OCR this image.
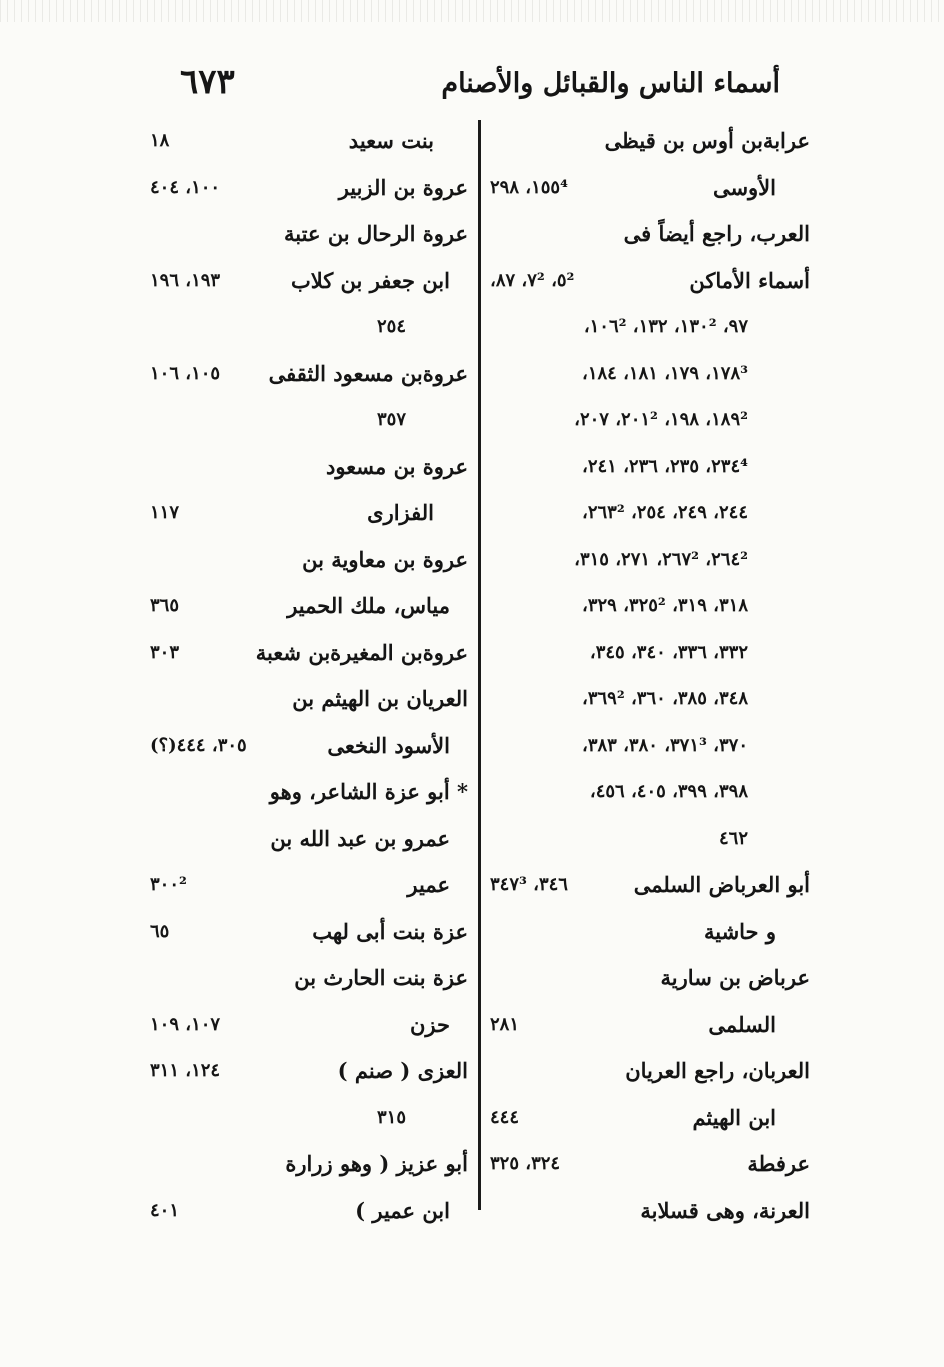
٦٧٣	أسماء الناس والقبائل والأصنام
عرابةبن أوس بن قيظى
الأوسى
١٥٥⁴، ٢٩٨
العرب، راجع أيضاً فى
أسماء الأماكن
٥²، ٧²، ٨٧،
٩٧، ١٣٠²، ١٣٢، ١٠٦²،
١٧٨³، ١٧٩، ١٨١، ١٨٤،
١٨٩²، ١٩٨، ٢٠١²، ٢٠٧،
٢٣٤⁴، ٢٣٥، ٢٣٦، ٢٤١،
٢٤٤، ٢٤٩، ٢٥٤، ٢٦٣²،
٢٦٤²، ٢٦٧²، ٢٧١، ٣١٥،
٣١٨، ٣١٩، ٣٢٥²، ٣٢٩،
٣٣٢، ٣٣٦، ٣٤٠، ٣٤٥،
٣٤٨، ٣٨٥، ٣٦٠، ٣٦٩²،
٣٧٠، ٣٧١³، ٣٨٠، ٣٨٣،
٣٩٨، ٣٩٩، ٤٠٥، ٤٥٦،
٤٦٢
أبو العرباض السلمى
٣٤٦، ٣٤٧³
و حاشية
عرباض بن سارية
السلمى
٢٨١
العربان، راجع العريان
ابن الهيثم
٤٤٤
عرفطة
٣٢٤، ٣٢٥
العرنة، وهى قسلابة
بنت سعيد
١٨
عروة بن الزبير
١٠٠، ٤٠٤
عروة الرحال بن عتبة
ابن جعفر بن كلاب
١٩٣، ١٩٦
٢٥٤
عروةبن مسعود الثقفى
١٠٥، ١٠٦
٣٥٧
عروة بن مسعود
الفزارى
١١٧
عروة بن معاوية بن
مياس، ملك الحمير
٣٦٥
عروةبن المغيرةبن شعبة
٣٠٣
العريان بن الهيثم بن
الأسود النخعى
٣٠٥، ٤٤٤(؟)
* أبو عزة الشاعر، وهو
عمرو بن عبد الله بن
عمير
٣٠٠²
عزة بنت أبى لهب
٦٥
عزة بنت الحارث بن
حزن
١٠٧، ١٠٩
العزى ( صنم )
١٢٤، ٣١١
٣١٥
أبو عزيز ( وهو زرارة
ابن عمير )
٤٠١
